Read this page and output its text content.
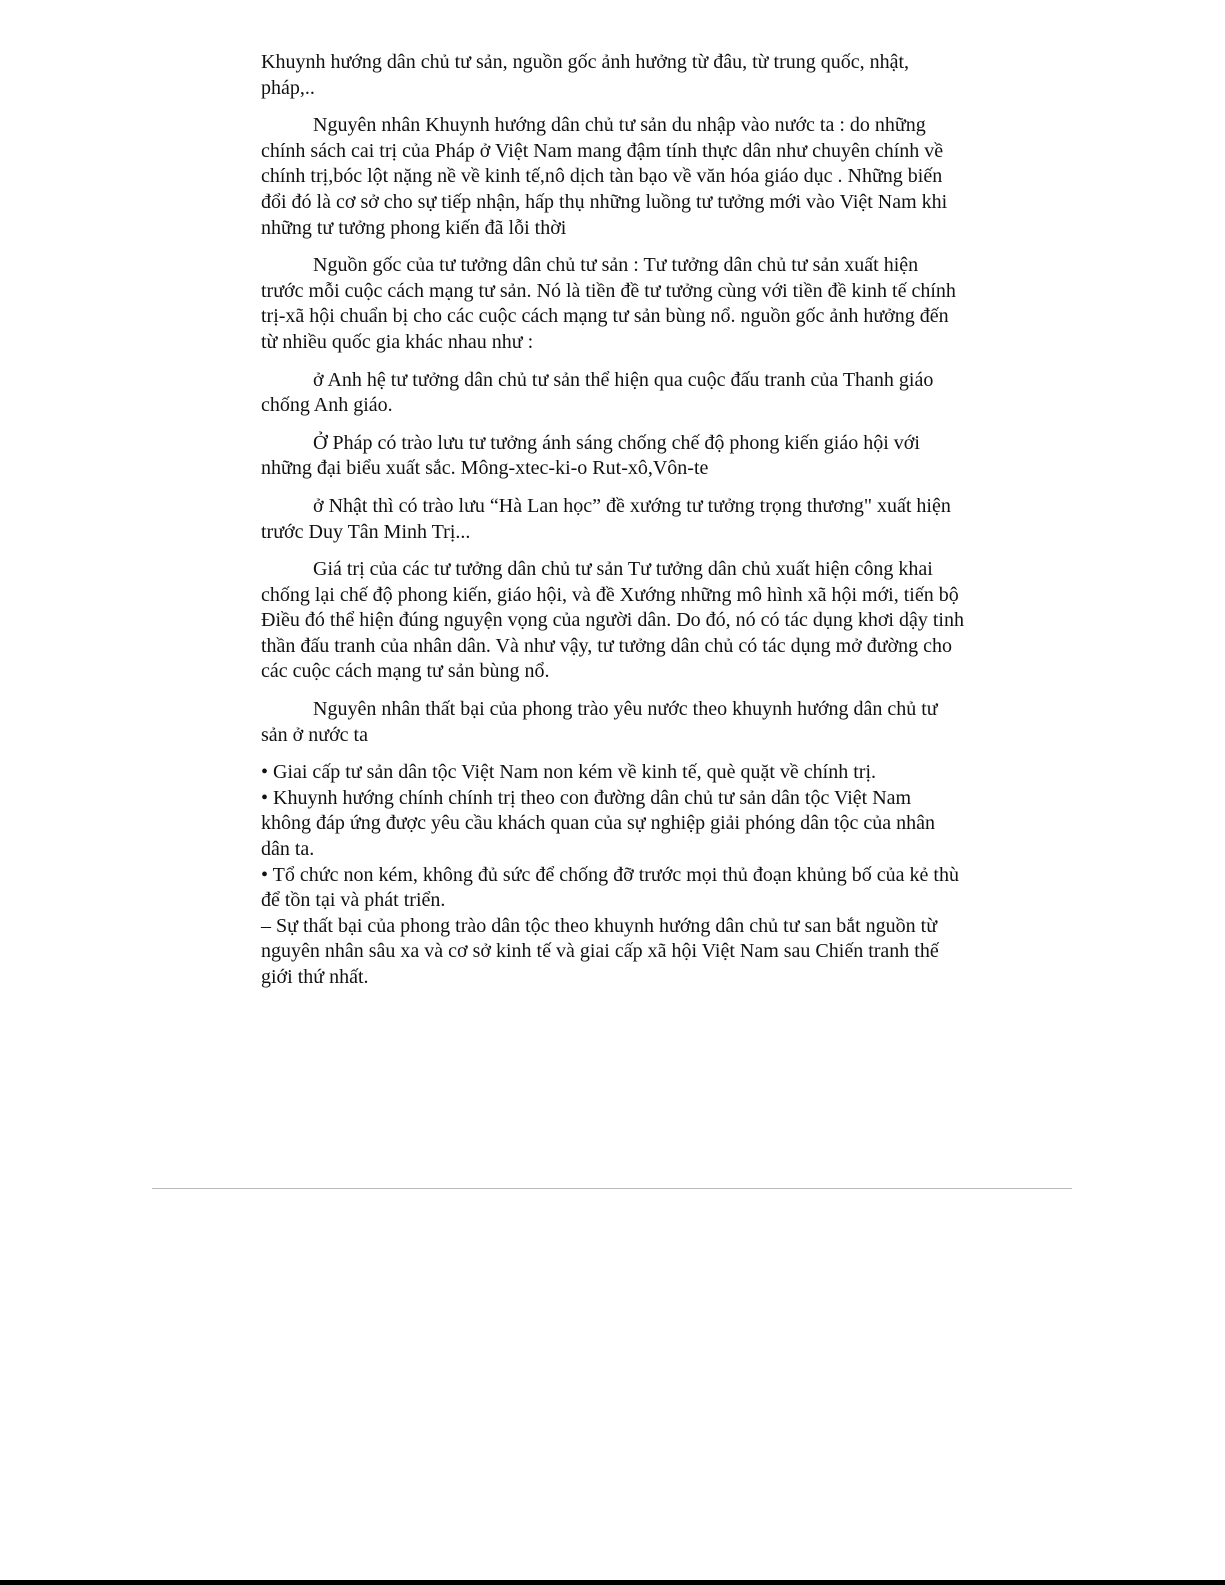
Khuynh hướng dân chủ tư sản, nguồn gốc ảnh hưởng từ đâu, từ trung quốc, nhật, pháp,..

Nguyên nhân Khuynh hướng dân chủ tư sản du nhập vào nước ta : do những chính sách cai trị của Pháp ở Việt Nam mang đậm tính thực dân như chuyên chính về chính trị,bóc lột nặng nề về kinh tế,nô dịch tàn bạo về văn hóa giáo dục . Những biến đổi đó là cơ sở cho sự tiếp nhận, hấp thụ những luồng tư tưởng mới vào Việt Nam khi những tư tưởng phong kiến đã lỗi thời

Nguồn gốc của tư tưởng dân chủ tư sản : Tư tưởng dân chủ tư sản xuất hiện trước mỗi cuộc cách mạng tư sản. Nó là tiền đề tư tưởng cùng với tiền đề kinh tế chính trị-xã hội chuẩn bị cho các cuộc cách mạng tư sản bùng nổ. nguồn gốc ảnh hưởng đến từ nhiều quốc gia khác nhau như :

ở Anh hệ tư tưởng dân chủ tư sản thể hiện qua cuộc đấu tranh của Thanh giáo chống Anh giáo.

Ở Pháp có trào lưu tư tưởng ánh sáng chống chế độ phong kiến giáo hội với những đại biểu xuất sắc. Mông-xtec-ki-o Rut-xô,Vôn-te

ở Nhật thì có trào lưu “Hà Lan học” đề xướng tư tưởng trọng thương" xuất hiện trước Duy Tân Minh Trị...

Giá trị của các tư tưởng dân chủ tư sản Tư tưởng dân chủ xuất hiện công khai chống lại chế độ phong kiến, giáo hội, và đề Xướng những mô hình xã hội mới, tiến bộ Điều đó thể hiện đúng nguyện vọng của người dân. Do đó, nó có tác dụng khơi dậy tinh thần đấu tranh của nhân dân. Và như vậy, tư tưởng dân chủ có tác dụng mở đường cho các cuộc cách mạng tư sản bùng nổ.

Nguyên nhân thất bại của phong trào yêu nước theo khuynh hướng dân chủ tư sản ở nước ta

• Giai cấp tư sản dân tộc Việt Nam non kém về kinh tế, què quặt về chính trị.
• Khuynh hướng chính chính trị theo con đường dân chủ tư sản dân tộc Việt Nam không đáp ứng được yêu cầu khách quan của sự nghiệp giải phóng dân tộc của nhân dân ta.
• Tổ chức non kém, không đủ sức để chống đỡ trước mọi thủ đoạn khủng bố của kẻ thù để tồn tại và phát triển.
– Sự thất bại của phong trào dân tộc theo khuynh hướng dân chủ tư san bắt nguồn từ nguyên nhân sâu xa và cơ sở kinh tế và giai cấp xã hội Việt Nam sau Chiến tranh thế giới thứ nhất.
